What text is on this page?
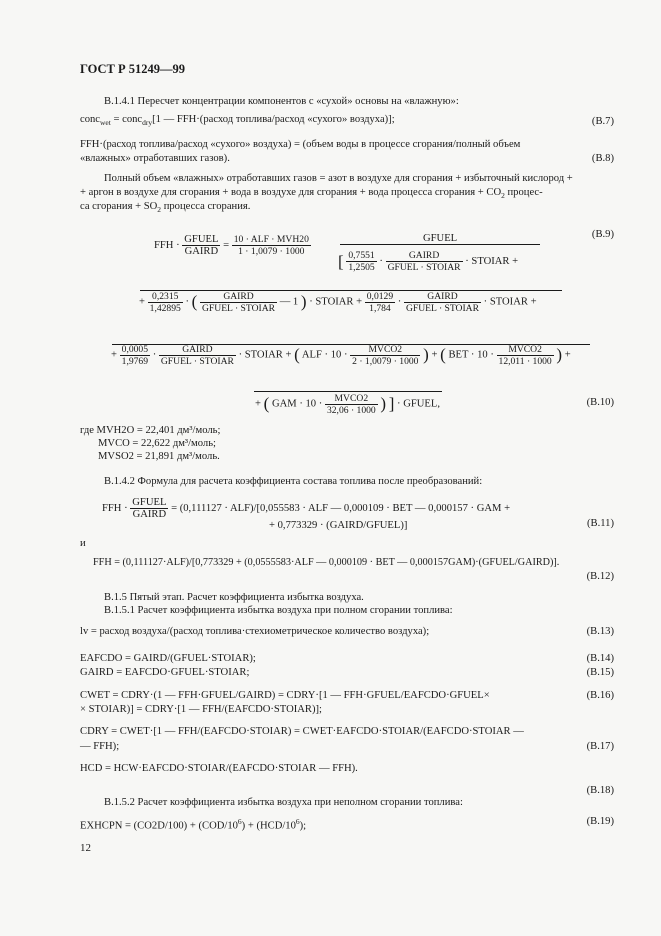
ГОСТ Р 51249—99
В.1.4.1 Пересчет концентрации компонентов с «сухой» основы на «влажную»:
conc$_{wet}$ = conc$_{dry}$[1 — FFH·(расход топлива/расход «сухого» воздуха)];	(В.7)
FFH·(расход топлива/расход «сухого» воздуха) = (объем воды в процессе сгорания/полный объем
«влажных» отработавших газов).	(В.8)
Полный объем «влажных» отработавших газов = азот в воздухе для сгорания + избыточный кислород +
+ аргон в воздухе для сгорания + вода в воздухе для сгорания + вода процесса сгорания + $CO_2$ процес-
са сгорания + $SO_2$ процесса сгорания.
(В.9)
FFH · $\frac{\text{GFUEL}}{\text{GAIRD}} = \frac{\text{10 · ALF · MVH20}}{1 \cdot 1,0079 \cdot 1000}$	GFUEL
[ $\frac{0,7551}{1,2505} \cdot \frac{\text{GAIRD}}{\text{GFUEL · STOIAR}}$ · STOIAR +
+ $\frac{0,2315}{1,42895}$ · ( $\frac{\text{GAIRD}}{\text{GFUEL · STOIAR}}$ — 1 ) · STOIAR + $\frac{0,0129}{1,784} \cdot \frac{\text{GAIRD}}{\text{GFUEL · STOIAR}}$ · STOIAR +
+ $\frac{0,0005}{1,9769} \cdot \frac{\text{GAIRD}}{\text{GFUEL · STOIAR}}$ · STOIAR + ( ALF · $10 \cdot \frac{\text{MVCO2}}{2 \cdot 1,0079 \cdot 1000}$ ) + ( BET · $10 \cdot \frac{\text{MVCO2}}{12,011 \cdot 1000}$ ) +
+ ( GAM · $10 \cdot \frac{\text{MVCO2}}{32,06 \cdot 1000}$ ) ] · GFUEL,	(В.10)
где MVH2O = 22,401 дм³/моль;
MVCO = 22,622 дм³/моль;
MVSO2 = 21,891 дм³/моль.
В.1.4.2 Формула для расчета коэффициента состава топлива после преобразований:
FFH · $\frac{\text{GFUEL}}{\text{GAIRD}} = (0,111127 \cdot ALF)/[0,055583$ · ALF — 0,000109 · BET — 0,000157 · GAM +
+ 0,773329 · (GAIRD/GFUEL)]	(В.11)
и
FFH = (0,111127·ALF)/[0,773329 + (0,0555583·ALF — 0,000109 · BET — 0,000157GAM)·(GFUEL/GAIRD)].
(В.12)
В.1.5 Пятый этап. Расчет коэффициента избытка воздуха.
В.1.5.1 Расчет коэффициента избытка воздуха при полном сгорании топлива:
lv = расход воздуха/(расход топлива·стехиометрическое количество воздуха);	(В.13)
EAFCDO = GAIRD/(GFUEL·STOIAR);	(В.14)
GAIRD = EAFCDO·GFUEL·STOIAR;	(В.15)
CWET = CDRY·(1 — FFH·GFUEL/GAIRD) = CDRY·[1 — FFH·GFUEL/EAFCDO·GFUEL×	(В.16)
× STOIAR)] = CDRY·[1 — FFH/(EAFCDO·STOIAR)];
CDRY = CWET·[1 — FFH/(EAFCDO·STOIAR) = CWET·EAFCDO·STOIAR/(EAFCDO·STOIAR —
— FFH);	(В.17)
HCD = HCW·EAFCDO·STOIAR/(EAFCDO·STOIAR — FFH).
(В.18)
В.1.5.2 Расчет коэффициента избытка воздуха при неполном сгорании топлива:
EXHCPN = $(CO2D/100) + (COD/10^6) + (HCD/10^6)$;	(В.19)
12
